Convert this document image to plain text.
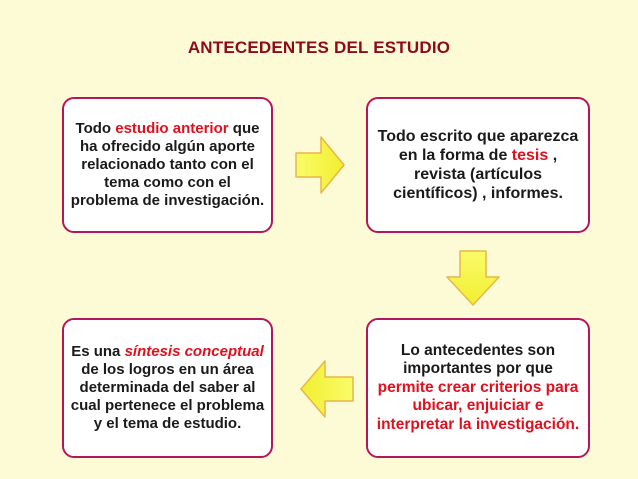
ANTECEDENTES DEL ESTUDIO
Todo estudio anterior que ha ofrecido algún aporte relacionado tanto con el tema como con el problema de investigación.
Todo escrito que aparezca en la forma de tesis , revista (artículos científicos) , informes.
Lo antecedentes son importantes por que permite crear criterios para ubicar, enjuiciar e interpretar la investigación.
Es una síntesis conceptual de los logros en un área determinada del saber al cual pertenece el problema y el tema de estudio.
